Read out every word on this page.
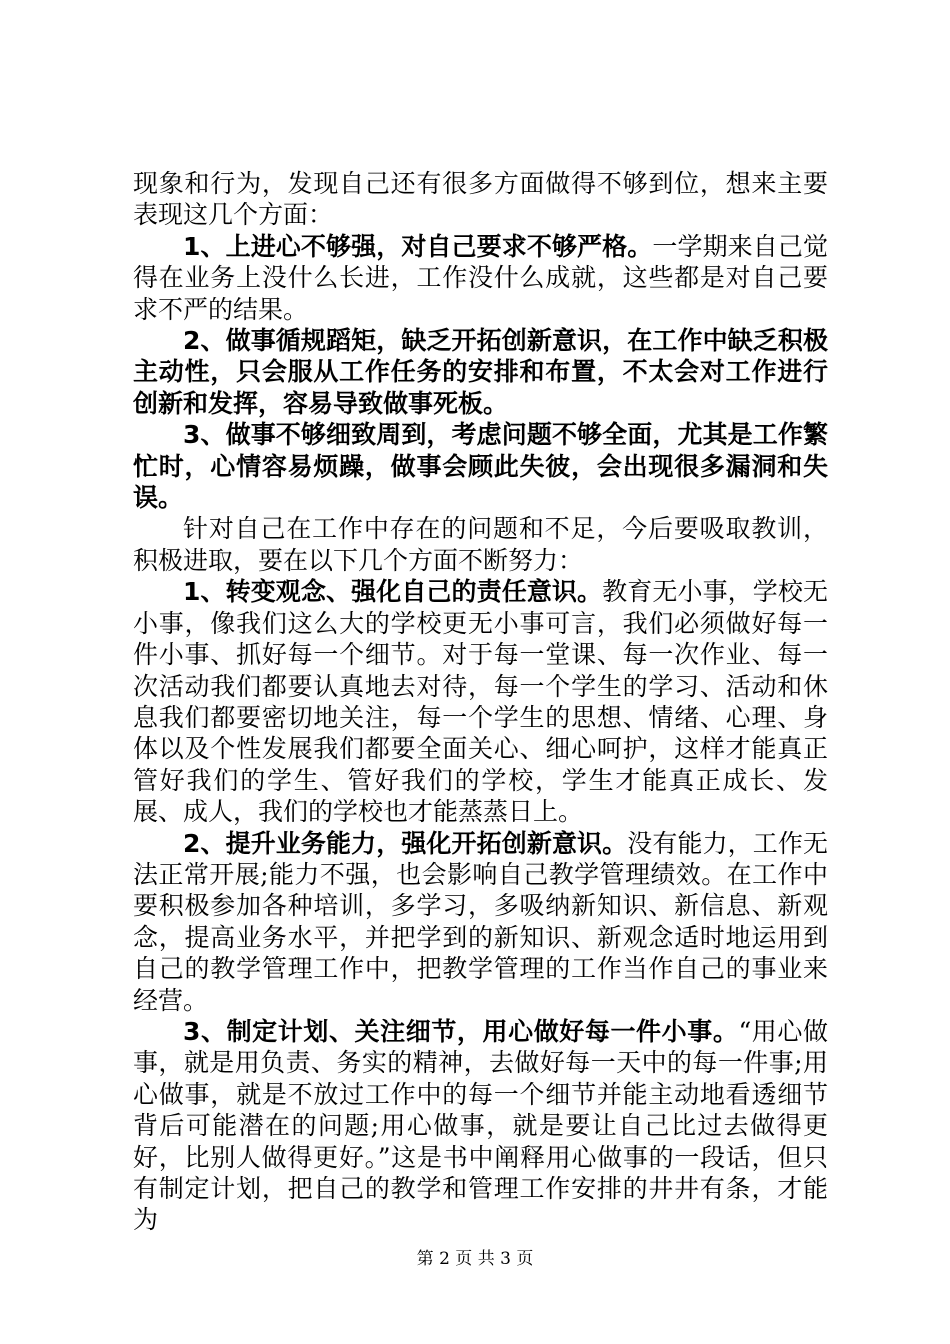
现象和行为，发现自己还有很多方面做得不够到位，想来主要表现这几个方面：

1、上进心不够强，对自己要求不够严格。一学期来自己觉得在业务上没什么长进，工作没什么成就，这些都是对自己要求不严的结果。

2、做事循规蹈矩，缺乏开拓创新意识，在工作中缺乏积极主动性，只会服从工作任务的安排和布置，不太会对工作进行创新和发挥，容易导致做事死板。

3、做事不够细致周到，考虑问题不够全面，尤其是工作繁忙时，心情容易烦躁，做事会顾此失彼，会出现很多漏洞和失误。

针对自己在工作中存在的问题和不足，今后要吸取教训，积极进取，要在以下几个方面不断努力：

1、转变观念、强化自己的责任意识。教育无小事，学校无小事，像我们这么大的学校更无小事可言，我们必须做好每一件小事、抓好每一个细节。对于每一堂课、每一次作业、每一次活动我们都要认真地去对待，每一个学生的学习、活动和休息我们都要密切地关注，每一个学生的思想、情绪、心理、身体以及个性发展我们都要全面关心、细心呵护，这样才能真正管好我们的学生、管好我们的学校，学生才能真正成长、发展、成人，我们的学校也才能蒸蒸日上。

2、提升业务能力，强化开拓创新意识。没有能力，工作无法正常开展;能力不强，也会影响自己教学管理绩效。在工作中要积极参加各种培训，多学习，多吸纳新知识、新信息、新观念，提高业务水平，并把学到的新知识、新观念适时地运用到自己的教学管理工作中，把教学管理的工作当作自己的事业来经营。

3、制定计划、关注细节，用心做好每一件小事。“用心做事，就是用负责、务实的精神，去做好每一天中的每一件事;用心做事，就是不放过工作中的每一个细节并能主动地看透细节背后可能潜在的问题;用心做事，就是要让自己比过去做得更好，比别人做得更好。”这是书中阐释用心做事的一段话，但只有制定计划，把自己的教学和管理工作安排的井井有条，才能为

第 2 页 共 3 页
